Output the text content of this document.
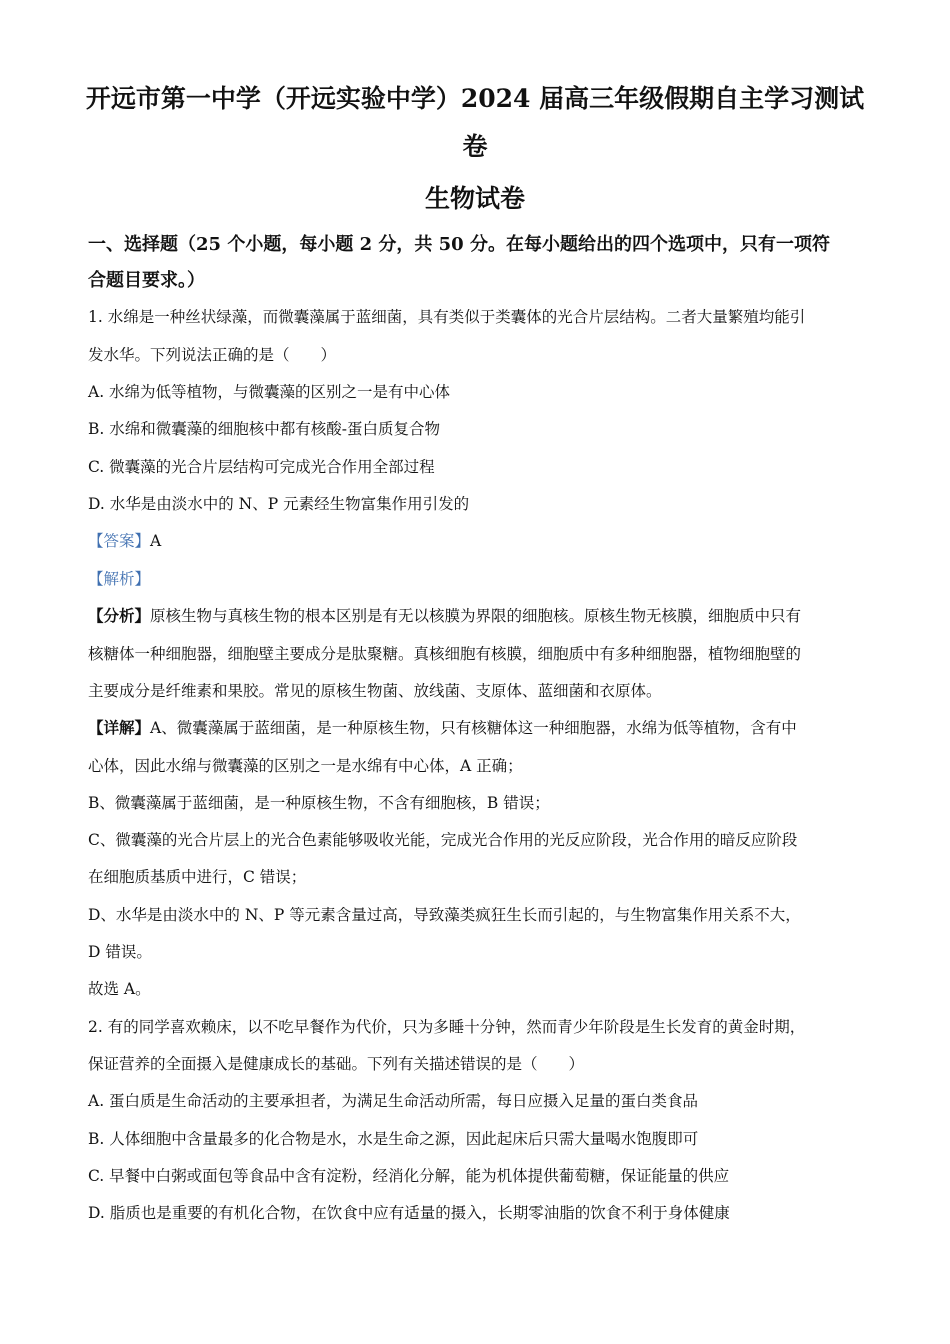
开远市第一中学（开远实验中学）2024 届高三年级假期自主学习测试
卷
生物试卷
一、选择题（25 个小题，每小题 2 分，共 50 分。在每小题给出的四个选项中，只有一项符
合题目要求。）
1. 水绵是一种丝状绿藻，而微囊藻属于蓝细菌，具有类似于类囊体的光合片层结构。二者大量繁殖均能引
发水华。下列说法正确的是（　　）
A. 水绵为低等植物，与微囊藻的区别之一是有中心体
B. 水绵和微囊藻的细胞核中都有核酸-蛋白质复合物
C. 微囊藻的光合片层结构可完成光合作用全部过程
D. 水华是由淡水中的 N、P 元素经生物富集作用引发的
【答案】A
【解析】
【分析】原核生物与真核生物的根本区别是有无以核膜为界限的细胞核。原核生物无核膜，细胞质中只有
核糖体一种细胞器，细胞壁主要成分是肽聚糖。真核细胞有核膜，细胞质中有多种细胞器，植物细胞壁的
主要成分是纤维素和果胶。常见的原核生物菌、放线菌、支原体、蓝细菌和衣原体。
【详解】A、微囊藻属于蓝细菌，是一种原核生物，只有核糖体这一种细胞器，水绵为低等植物，含有中
心体，因此水绵与微囊藻的区别之一是水绵有中心体，A 正确；
B、微囊藻属于蓝细菌，是一种原核生物，不含有细胞核，B 错误；
C、微囊藻的光合片层上的光合色素能够吸收光能，完成光合作用的光反应阶段，光合作用的暗反应阶段
在细胞质基质中进行，C 错误；
D、水华是由淡水中的 N、P 等元素含量过高，导致藻类疯狂生长而引起的，与生物富集作用关系不大，
D 错误。
故选 A。
2. 有的同学喜欢赖床，以不吃早餐作为代价，只为多睡十分钟，然而青少年阶段是生长发育的黄金时期，
保证营养的全面摄入是健康成长的基础。下列有关描述错误的是（　　）
A. 蛋白质是生命活动的主要承担者，为满足生命活动所需，每日应摄入足量的蛋白类食品
B. 人体细胞中含量最多的化合物是水，水是生命之源，因此起床后只需大量喝水饱腹即可
C. 早餐中白粥或面包等食品中含有淀粉，经消化分解，能为机体提供葡萄糖，保证能量的供应
D. 脂质也是重要的有机化合物，在饮食中应有适量的摄入，长期零油脂的饮食不利于身体健康
